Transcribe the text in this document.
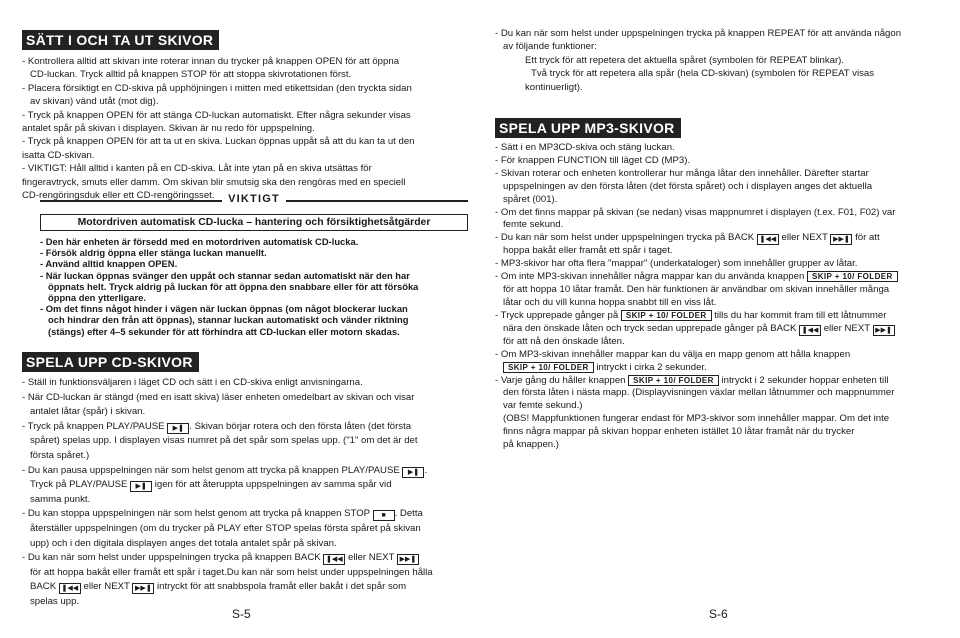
SÄTT I OCH TA UT SKIVOR

- Kontrollera alltid att skivan inte roterar innan du trycker på knappen OPEN för att öppna

CD-luckan. Tryck alltid på knappen STOP för att stoppa skivrotationen först.

- Placera försiktigt en CD-skiva på upphöjningen i mitten med etikettsidan (den tryckta sidan

av skivan) vänd utåt (mot dig).

- Tryck på knappen OPEN för att stänga CD-luckan automatiskt. Efter några sekunder visas

antalet spår på skivan i displayen. Skivan är nu redo för uppspelning.

- Tryck på knappen OPEN för att ta ut en skiva. Luckan öppnas uppåt så att du kan ta ut den

isatta CD-skivan.

- VIKTIGT: Håll alltid i kanten på en CD-skiva. Låt inte ytan på en skiva utsättas för

fingeravtryck, smuts eller damm. Om skivan blir smutsig ska den rengöras med en speciell

CD-rengöringsduk eller ett CD-rengöringsset.	VIKTIGT
Motordriven automatisk CD-lucka – hantering och försiktighetsåtgärder

- Den här enheten är försedd med en motordriven automatisk CD-lucka.

- Försök aldrig öppna eller stänga luckan manuellt.

- Använd alltid knappen OPEN.

- När luckan öppnas svänger den uppåt och stannar sedan automatiskt när den har

öppnats helt. Tryck aldrig på luckan för att öppna den snabbare eller för att försöka

öppna den ytterligare.

- Om det finns något hinder i vägen när luckan öppnas (om något blockerar luckan

och hindrar den från att öppnas), stannar luckan automatiskt och vänder riktning

(stängs) efter 4–5 sekunder för att förhindra att CD-luckan eller motorn skadas.

SPELA UPP CD-SKIVOR

- Ställ in funktionsväljaren i läget CD och sätt i en CD-skiva enligt anvisningarna.

- När CD-luckan är stängd (med en isatt skiva) läser enheten omedelbart av skivan och visar

antalet låtar (spår) i skivan.

- Tryck på knappen PLAY/PAUSE ▶❚ . Skivan börjar rotera och den första låten (det första

spåret) spelas upp. I displayen visas numret på det spår som spelas upp. ("1" om det är det

första spåret.)

- Du kan pausa uppspelningen när som helst genom att trycka på knappen PLAY/PAUSE ▶❚ .

Tryck på PLAY/PAUSE ▶❚ igen för att återuppta uppspelningen av samma spår vid

samma punkt.

- Du kan stoppa uppspelningen när som helst genom att trycka på knappen STOP ■ . Detta

återställer uppspelningen (om du trycker på PLAY efter STOP spelas första spåret på skivan

upp) och i den digitala displayen anges det totala antalet spår på skivan.

- Du kan när som helst under uppspelningen trycka på knappen BACK ❚◀◀ eller NEXT ▶▶❚

för att hoppa bakåt eller framåt ett spår i taget.Du kan när som helst under uppspelningen hålla

BACK ❚◀◀ eller NEXT ▶▶❚ intryckt för att snabbspola framåt eller bakåt i det spår som

spelas upp.

S-5

- Du kan när som helst under uppspelningen trycka på knappen REPEAT för att använda någon

av följande funktioner:

Ett tryck för att repetera det aktuella spåret (symbolen för REPEAT blinkar).

Två tryck för att repetera alla spår (hela CD-skivan) (symbolen för REPEAT visas

kontinuerligt).

SPELA UPP MP3-SKIVOR

- Sätt i en MP3CD-skiva och stäng luckan.

- För knappen FUNCTION till läget CD (MP3).

- Skivan roterar och enheten kontrollerar hur många låtar den innehåller. Därefter startar

uppspelningen av den första låten (det första spåret) och i displayen anges det aktuella

spåret (001).

- Om det finns mappar på skivan (se nedan) visas mappnumret i displayen (t.ex. F01, F02) var

femte sekund.

- Du kan när som helst under uppspelningen trycka på BACK ❚◀◀ eller NEXT ▶▶❚ för att

hoppa bakåt eller framåt ett spår i taget.

- MP3-skivor har ofta flera "mappar" (underkataloger) som innehåller grupper av låtar.

- Om inte MP3-skivan innehåller några mappar kan du använda knappen SKIP + 10/ FOLDER

för att hoppa 10 låtar framåt. Den här funktionen är användbar om skivan innehåller många

låtar och du vill kunna hoppa snabbt till en viss låt.

- Tryck upprepade gånger på SKIP + 10/ FOLDER tills du har kommit fram till ett låtnummer

nära den önskade låten och tryck sedan upprepade gånger på BACK ❚◀◀ eller NEXT ▶▶❚

för att nå den önskade låten.

- Om MP3-skivan innehåller mappar kan du välja en mapp genom att hålla knappen

SKIP + 10/ FOLDER intryckt i cirka 2 sekunder.

- Varje gång du håller knappen SKIP + 10/ FOLDER intryckt i 2 sekunder hoppar enheten till

den första låten i nästa mapp. (Displayvisningen växlar mellan låtnummer och mappnummer

var femte sekund.)

(OBS! Mappfunktionen fungerar endast för MP3-skivor som innehåller mappar. Om det inte

finns några mappar på skivan hoppar enheten istället 10 låtar framåt när du trycker

på knappen.)

S-6
